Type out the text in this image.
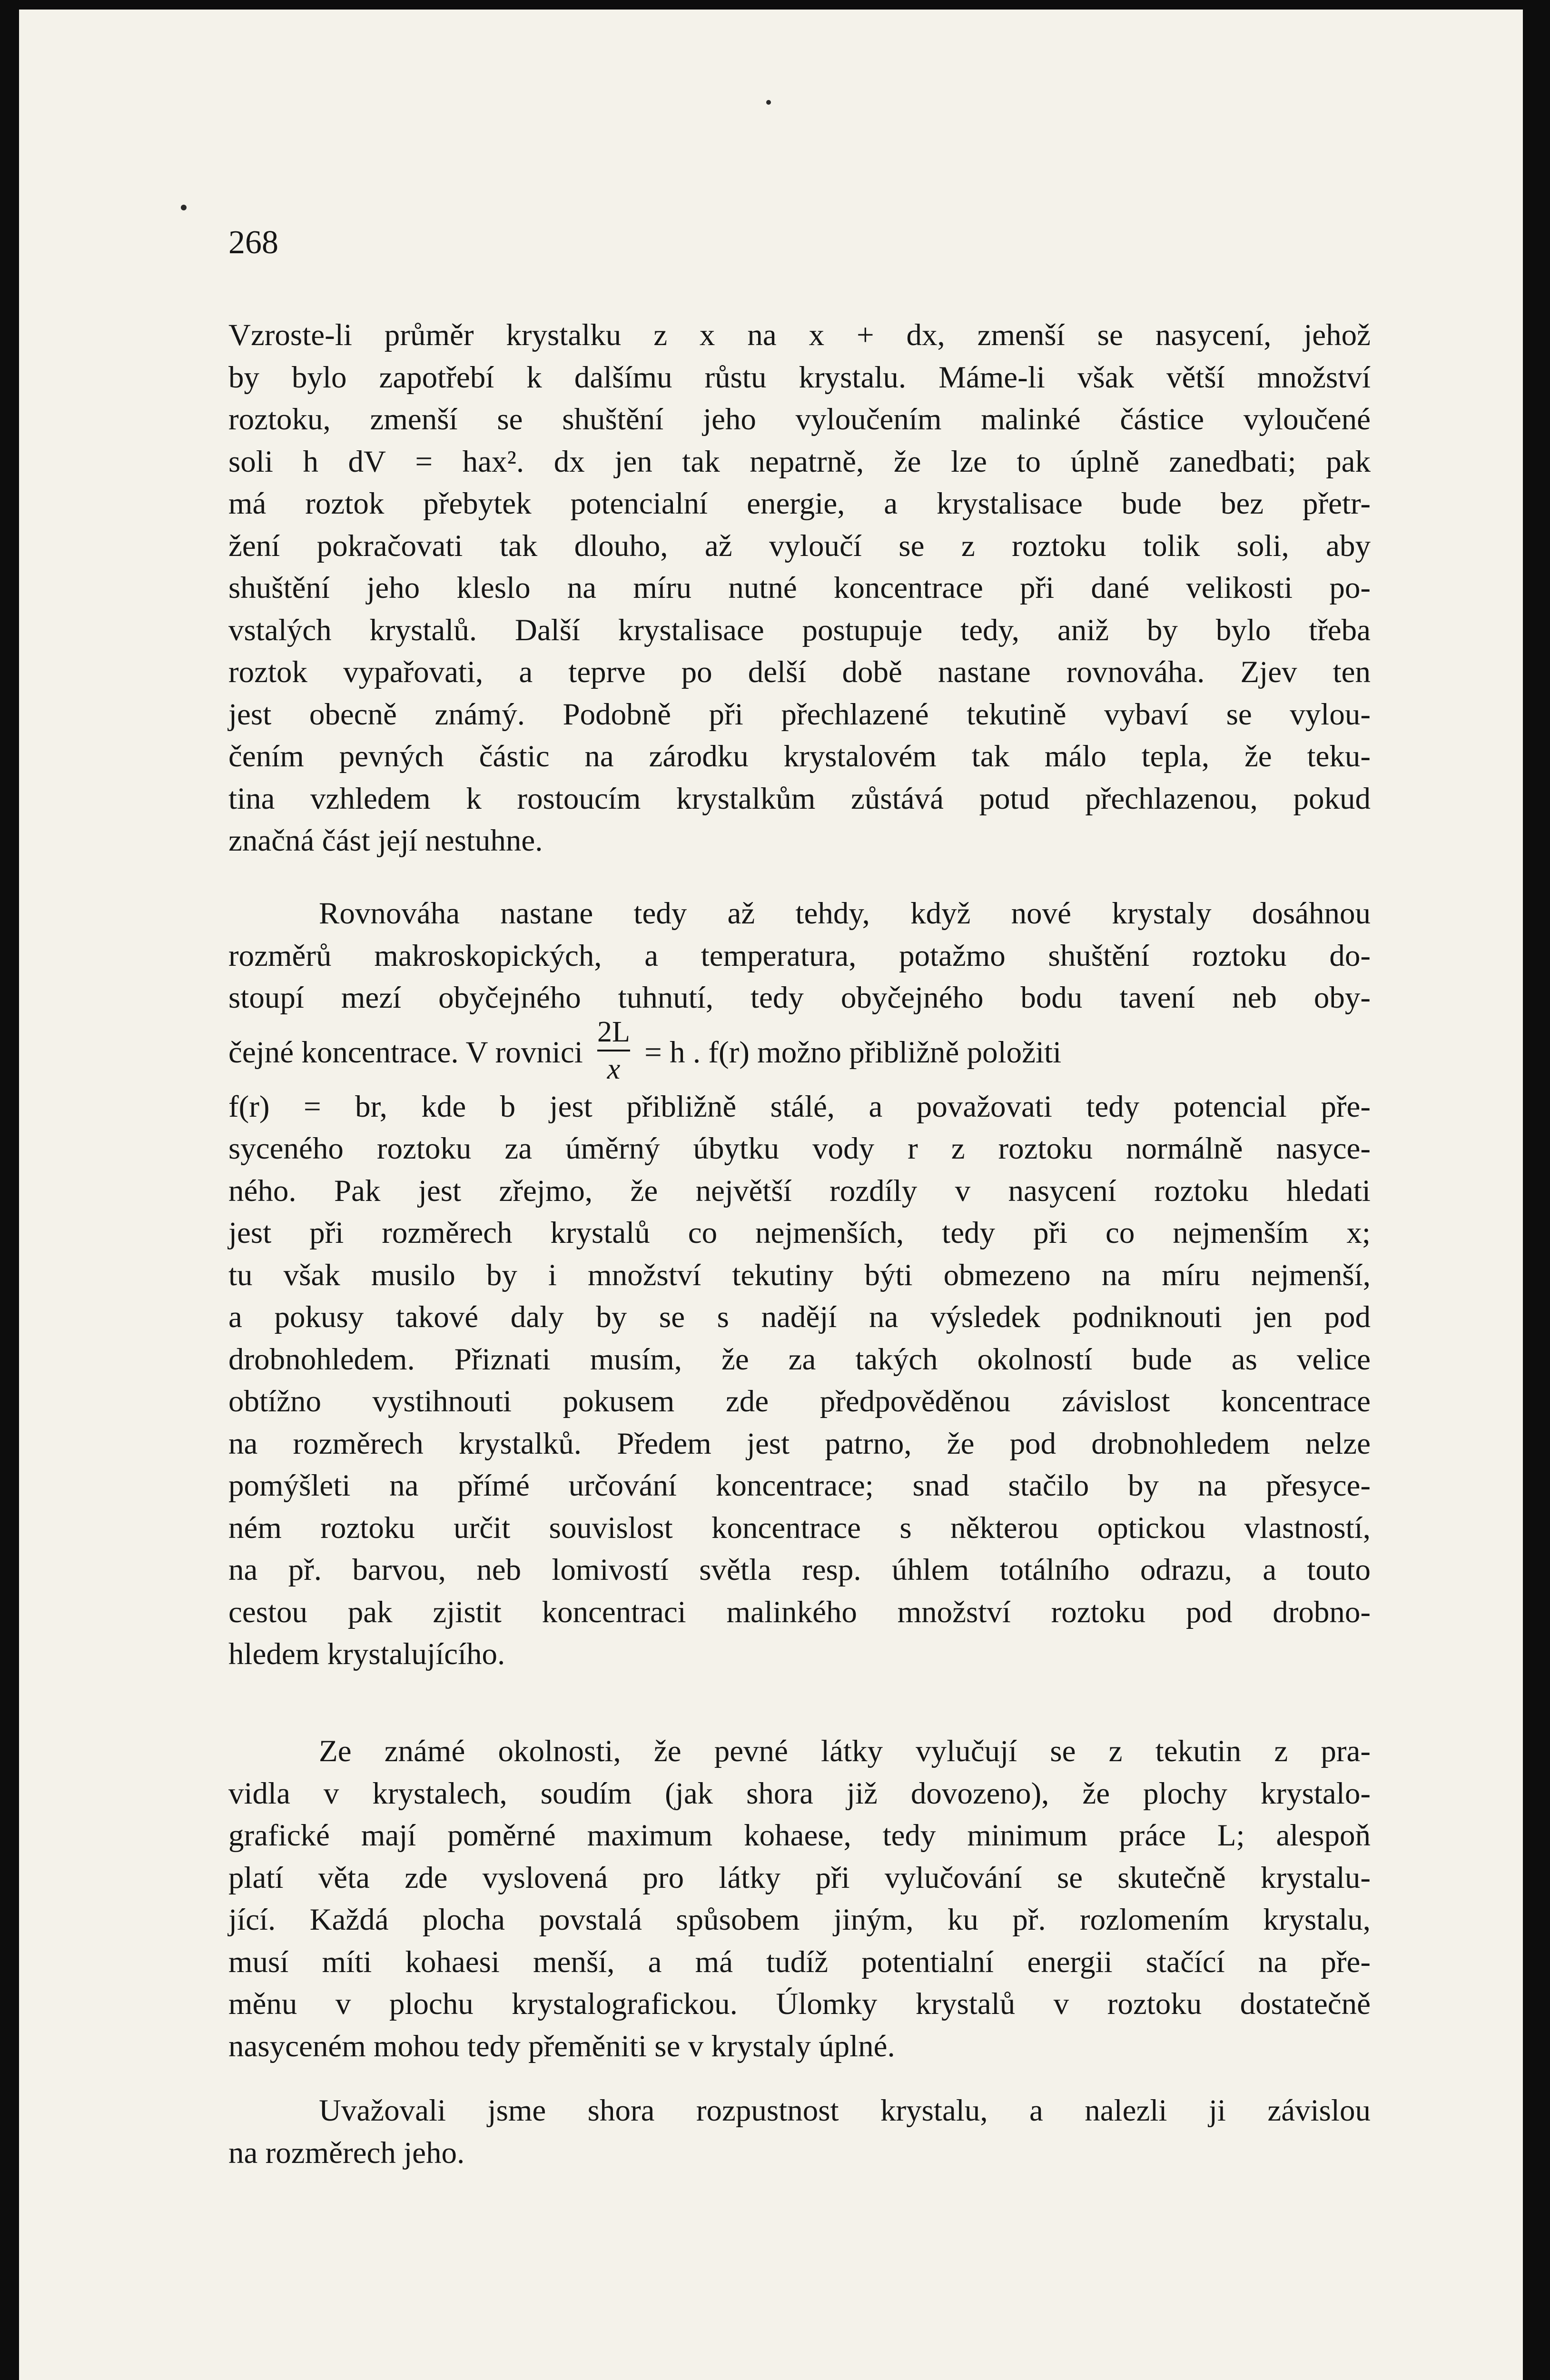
268
Vzroste-li průměr krystalku z x na x + dx, zmenší se nasycení, jehož
by bylo zapotřebí k dalšímu růstu krystalu. Máme-li však větší množství
roztoku, zmenší se shuštění jeho vyloučením malinké částice vyloučené
soli h dV = hax². dx jen tak nepatrně, že lze to úplně zanedbati; pak
má roztok přebytek potencialní energie, a krystalisace bude bez přetr-
žení pokračovati tak dlouho, až vyloučí se z roztoku tolik soli, aby
shuštění jeho kleslo na míru nutné koncentrace při dané velikosti po-
vstalých krystalů. Další krystalisace postupuje tedy, aniž by bylo třeba
roztok vypařovati, a teprve po delší době nastane rovnováha. Zjev ten
jest obecně známý. Podobně při přechlazené tekutině vybaví se vylou-
čením pevných částic na zárodku krystalovém tak málo tepla, že teku-
tina vzhledem k rostoucím krystalkům zůstává potud přechlazenou, pokud
značná část její nestuhne.
Rovnováha nastane tedy až tehdy, když nové krystaly dosáhnou
rozměrů makroskopických, a temperatura, potažmo shuštění roztoku do-
stoupí mezí obyčejného tuhnutí, tedy obyčejného bodu tavení neb oby-
čejné koncentrace. V rovnici $\frac{2L}{x} = h$ . f(r) možno přibližně položiti
f(r) = br, kde b jest přibližně stálé, a považovati tedy potencial pře-
syceného roztoku za úměrný úbytku vody r z roztoku normálně nasyce-
ného. Pak jest zřejmo, že největší rozdíly v nasycení roztoku hledati
jest při rozměrech krystalů co nejmenších, tedy při co nejmenším x;
tu však musilo by i množství tekutiny býti obmezeno na míru nejmenší,
a pokusy takové daly by se s nadějí na výsledek podniknouti jen pod
drobnohledem. Přiznati musím, že za takých okolností bude as velice
obtížno vystihnouti pokusem zde předpověděnou závislost koncentrace
na rozměrech krystalků. Předem jest patrno, že pod drobnohledem nelze
pomýšleti na přímé určování koncentrace; snad stačilo by na přesyce-
ném roztoku určit souvislost koncentrace s některou optickou vlastností,
na př. barvou, neb lomivostí světla resp. úhlem totálního odrazu, a touto
cestou pak zjistit koncentraci malinkého množství roztoku pod drobno-
hledem krystalujícího.
Ze známé okolnosti, že pevné látky vylučují se z tekutin z pra-
vidla v krystalech, soudím (jak shora již dovozeno), že plochy krystalo-
grafické mají poměrné maximum kohaese, tedy minimum práce L; alespoň
platí věta zde vyslovená pro látky při vylučování se skutečně krystalu-
jící. Každá plocha povstalá spůsobem jiným, ku př. rozlomením krystalu,
musí míti kohaesi menší, a má tudíž potentialní energii stačící na pře-
měnu v plochu krystalografickou. Úlomky krystalů v roztoku dostatečně
nasyceném mohou tedy přeměniti se v krystaly úplné.
Uvažovali jsme shora rozpustnost krystalu, a nalezli ji závislou
na rozměrech jeho.
